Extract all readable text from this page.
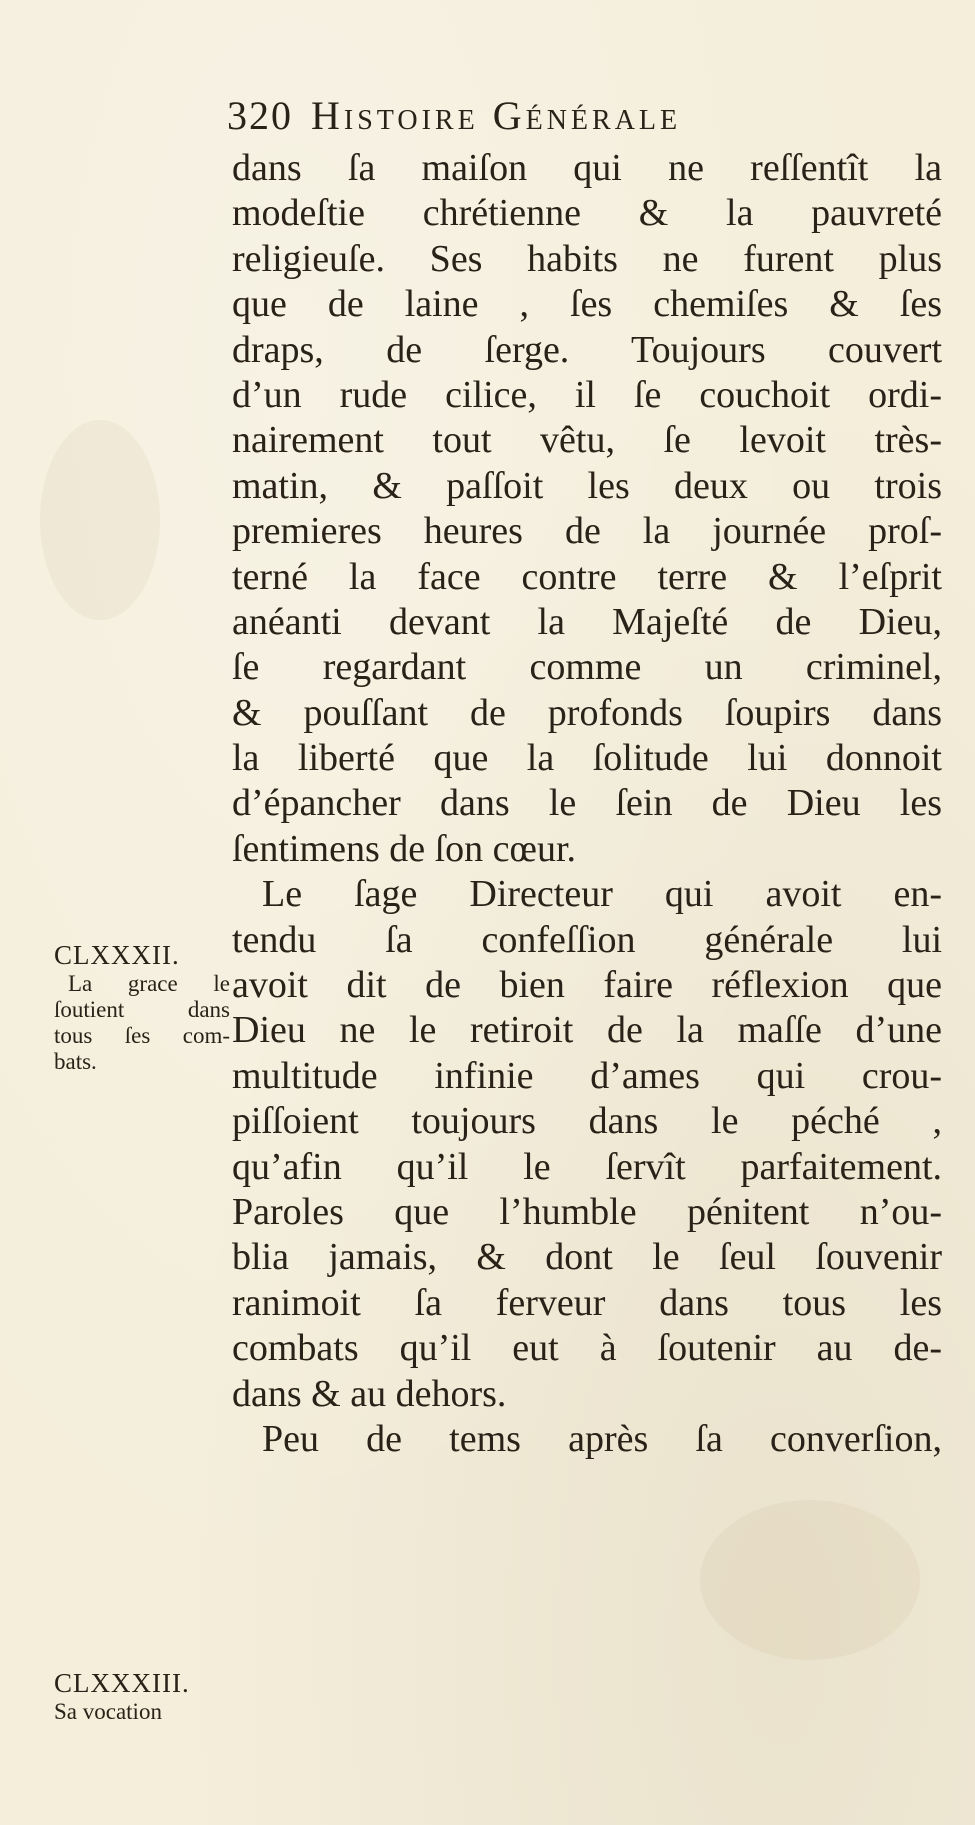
320 Histoire Générale
dans ſa maiſon qui ne reſſentît la
modeſtie chrétienne & la pauvreté
religieuſe. Ses habits ne furent plus
que de laine , ſes chemiſes & ſes
draps, de ſerge. Toujours couvert
d’un rude cilice, il ſe couchoit ordi-
nairement tout vêtu, ſe levoit très-
matin, & paſſoit les deux ou trois
premieres heures de la journée proſ-
terné la face contre terre & l’eſprit
anéanti devant la Majeſté de Dieu,
ſe regardant comme un criminel,
& pouſſant de profonds ſoupirs dans
la liberté que la ſolitude lui donnoit
d’épancher dans le ſein de Dieu les
ſentimens de ſon cœur.
Le ſage Directeur qui avoit en-
tendu ſa confeſſion générale lui
avoit dit de bien faire réflexion que
Dieu ne le retiroit de la maſſe d’une
multitude infinie d’ames qui crou-
piſſoient toujours dans le péché ,
qu’afin qu’il le ſervît parfaitement.
Paroles que l’humble pénitent n’ou-
blia jamais, & dont le ſeul ſouvenir
ranimoit ſa ferveur dans tous les
combats qu’il eut à ſoutenir au de-
dans & au dehors.
Peu de tems après ſa converſion,
CLXXXII.
La grace le
ſoutient dans
tous ſes com-
bats.
CLXXXIII.
Sa vocation
